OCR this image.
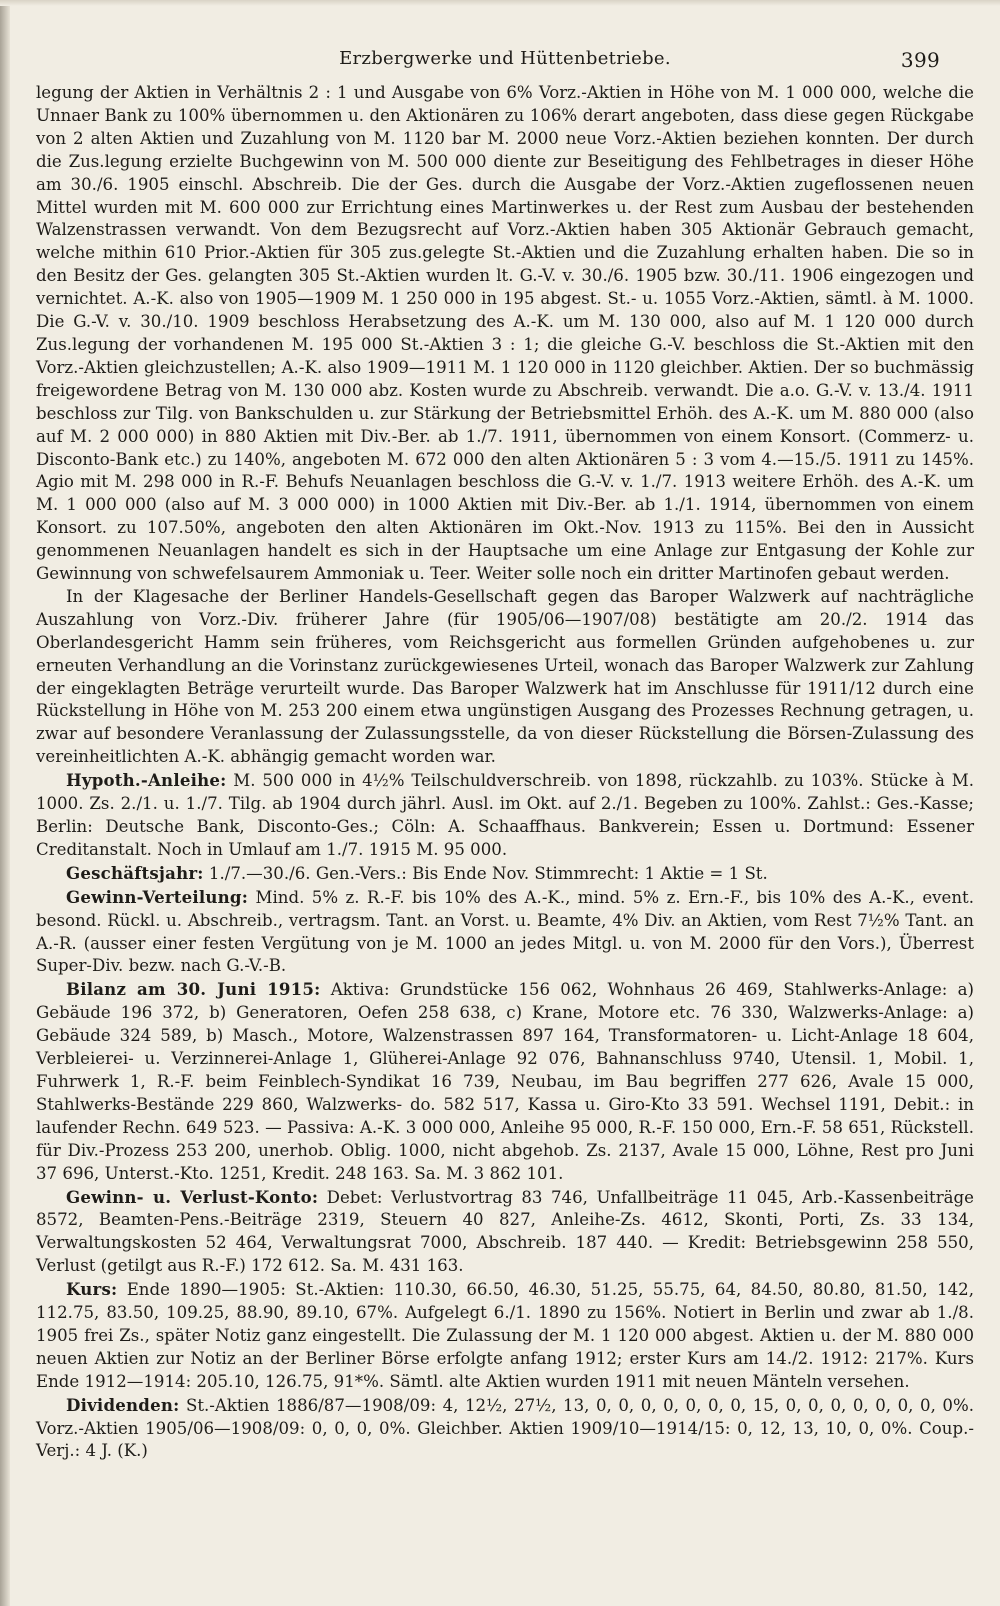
Erzbergwerke und Hüttenbetriebe.	399

legung der Aktien in Verhältnis 2 : 1 und Ausgabe von 6% Vorz.-Aktien in Höhe von M. 1 000 000, welche die Unnaer Bank zu 100% übernommen u. den Aktionären zu 106% derart angeboten, dass diese gegen Rückgabe von 2 alten Aktien und Zuzahlung von M. 1120 bar M. 2000 neue Vorz.-Aktien beziehen konnten. Der durch die Zus.legung erzielte Buchgewinn von M. 500 000 diente zur Beseitigung des Fehlbetrages in dieser Höhe am 30./6. 1905 einschl. Abschreib. Die der Ges. durch die Ausgabe der Vorz.-Aktien zugeflossenen neuen Mittel wurden mit M. 600 000 zur Errichtung eines Martinwerkes u. der Rest zum Ausbau der bestehenden Walzenstrassen verwandt. Von dem Bezugsrecht auf Vorz.-Aktien haben 305 Aktionär Gebrauch gemacht, welche mithin 610 Prior.-Aktien für 305 zus.gelegte St.-Aktien und die Zuzahlung erhalten haben. Die so in den Besitz der Ges. gelangten 305 St.-Aktien wurden lt. G.-V. v. 30./6. 1905 bzw. 30./11. 1906 eingezogen und vernichtet. A.-K. also von 1905—1909 M. 1 250 000 in 195 abgest. St.- u. 1055 Vorz.-Aktien, sämtl. à M. 1000. Die G.-V. v. 30./10. 1909 beschloss Herabsetzung des A.-K. um M. 130 000, also auf M. 1 120 000 durch Zus.legung der vorhandenen M. 195 000 St.-Aktien 3 : 1; die gleiche G.-V. beschloss die St.-Aktien mit den Vorz.-Aktien gleichzustellen; A.-K. also 1909—1911 M. 1 120 000 in 1120 gleichber. Aktien. Der so buchmässig freigewordene Betrag von M. 130 000 abz. Kosten wurde zu Abschreib. verwandt. Die a.o. G.-V. v. 13./4. 1911 beschloss zur Tilg. von Bankschulden u. zur Stärkung der Betriebsmittel Erhöh. des A.-K. um M. 880 000 (also auf M. 2 000 000) in 880 Aktien mit Div.-Ber. ab 1./7. 1911, übernommen von einem Konsort. (Commerz- u. Disconto-Bank etc.) zu 140%, angeboten M. 672 000 den alten Aktionären 5 : 3 vom 4.—15./5. 1911 zu 145%. Agio mit M. 298 000 in R.-F. Behufs Neuanlagen beschloss die G.-V. v. 1./7. 1913 weitere Erhöh. des A.-K. um M. 1 000 000 (also auf M. 3 000 000) in 1000 Aktien mit Div.-Ber. ab 1./1. 1914, übernommen von einem Konsort. zu 107.50%, angeboten den alten Aktionären im Okt.-Nov. 1913 zu 115%. Bei den in Aussicht genommenen Neuanlagen handelt es sich in der Hauptsache um eine Anlage zur Entgasung der Kohle zur Gewinnung von schwefelsaurem Ammoniak u. Teer. Weiter solle noch ein dritter Martinofen gebaut werden.

In der Klagesache der Berliner Handels-Gesellschaft gegen das Baroper Walzwerk auf nachträgliche Auszahlung von Vorz.-Div. früherer Jahre (für 1905/06—1907/08) bestätigte am 20./2. 1914 das Oberlandesgericht Hamm sein früheres, vom Reichsgericht aus formellen Gründen aufgehobenes u. zur erneuten Verhandlung an die Vorinstanz zurückgewiesenes Urteil, wonach das Baroper Walzwerk zur Zahlung der eingeklagten Beträge verurteilt wurde. Das Baroper Walzwerk hat im Anschlusse für 1911/12 durch eine Rückstellung in Höhe von M. 253 200 einem etwa ungünstigen Ausgang des Prozesses Rechnung getragen, u. zwar auf besondere Veranlassung der Zulassungsstelle, da von dieser Rückstellung die Börsen-Zulassung des vereinheitlichten A.-K. abhängig gemacht worden war.

Hypoth.-Anleihe: M. 500 000 in 4½% Teilschuldverschreib. von 1898, rückzahlb. zu 103%. Stücke à M. 1000. Zs. 2./1. u. 1./7. Tilg. ab 1904 durch jährl. Ausl. im Okt. auf 2./1. Begeben zu 100%. Zahlst.: Ges.-Kasse; Berlin: Deutsche Bank, Disconto-Ges.; Cöln: A. Schaaffhaus. Bankverein; Essen u. Dortmund: Essener Creditanstalt. Noch in Umlauf am 1./7. 1915 M. 95 000.

Geschäftsjahr: 1./7.—30./6. Gen.-Vers.: Bis Ende Nov. Stimmrecht: 1 Aktie = 1 St.

Gewinn-Verteilung: Mind. 5% z. R.-F. bis 10% des A.-K., mind. 5% z. Ern.-F., bis 10% des A.-K., event. besond. Rückl. u. Abschreib., vertragsm. Tant. an Vorst. u. Beamte, 4% Div. an Aktien, vom Rest 7½% Tant. an A.-R. (ausser einer festen Vergütung von je M. 1000 an jedes Mitgl. u. von M. 2000 für den Vors.), Überrest Super-Div. bezw. nach G.-V.-B.

Bilanz am 30. Juni 1915: Aktiva: Grundstücke 156 062, Wohnhaus 26 469, Stahlwerks-Anlage: a) Gebäude 196 372, b) Generatoren, Oefen 258 638, c) Krane, Motore etc. 76 330, Walzwerks-Anlage: a) Gebäude 324 589, b) Masch., Motore, Walzenstrassen 897 164, Transformatoren- u. Licht-Anlage 18 604, Verbleierei- u. Verzinnerei-Anlage 1, Glüherei-Anlage 92 076, Bahnanschluss 9740, Utensil. 1, Mobil. 1, Fuhrwerk 1, R.-F. beim Feinblech-Syndikat 16 739, Neubau, im Bau begriffen 277 626, Avale 15 000, Stahlwerks-Bestände 229 860, Walzwerks- do. 582 517, Kassa u. Giro-Kto 33 591. Wechsel 1191, Debit.: in laufender Rechn. 649 523. — Passiva: A.-K. 3 000 000, Anleihe 95 000, R.-F. 150 000, Ern.-F. 58 651, Rückstell. für Div.-Prozess 253 200, unerhob. Oblig. 1000, nicht abgehob. Zs. 2137, Avale 15 000, Löhne, Rest pro Juni 37 696, Unterst.-Kto. 1251, Kredit. 248 163. Sa. M. 3 862 101.

Gewinn- u. Verlust-Konto: Debet: Verlustvortrag 83 746, Unfallbeiträge 11 045, Arb.-Kassenbeiträge 8572, Beamten-Pens.-Beiträge 2319, Steuern 40 827, Anleihe-Zs. 4612, Skonti, Porti, Zs. 33 134, Verwaltungskosten 52 464, Verwaltungsrat 7000, Abschreib. 187 440. — Kredit: Betriebsgewinn 258 550, Verlust (getilgt aus R.-F.) 172 612. Sa. M. 431 163.

Kurs: Ende 1890—1905: St.-Aktien: 110.30, 66.50, 46.30, 51.25, 55.75, 64, 84.50, 80.80, 81.50, 142, 112.75, 83.50, 109.25, 88.90, 89.10, 67%. Aufgelegt 6./1. 1890 zu 156%. Notiert in Berlin und zwar ab 1./8. 1905 frei Zs., später Notiz ganz eingestellt. Die Zulassung der M. 1 120 000 abgest. Aktien u. der M. 880 000 neuen Aktien zur Notiz an der Berliner Börse erfolgte anfang 1912; erster Kurs am 14./2. 1912: 217%. Kurs Ende 1912—1914: 205.10, 126.75, 91*%. Sämtl. alte Aktien wurden 1911 mit neuen Mänteln versehen.

Dividenden: St.-Aktien 1886/87—1908/09: 4, 12½, 27½, 13, 0, 0, 0, 0, 0, 0, 0, 15, 0, 0, 0, 0, 0, 0, 0, 0%. Vorz.-Aktien 1905/06—1908/09: 0, 0, 0, 0%. Gleichber. Aktien 1909/10—1914/15: 0, 12, 13, 10, 0, 0%. Coup.-Verj.: 4 J. (K.)
